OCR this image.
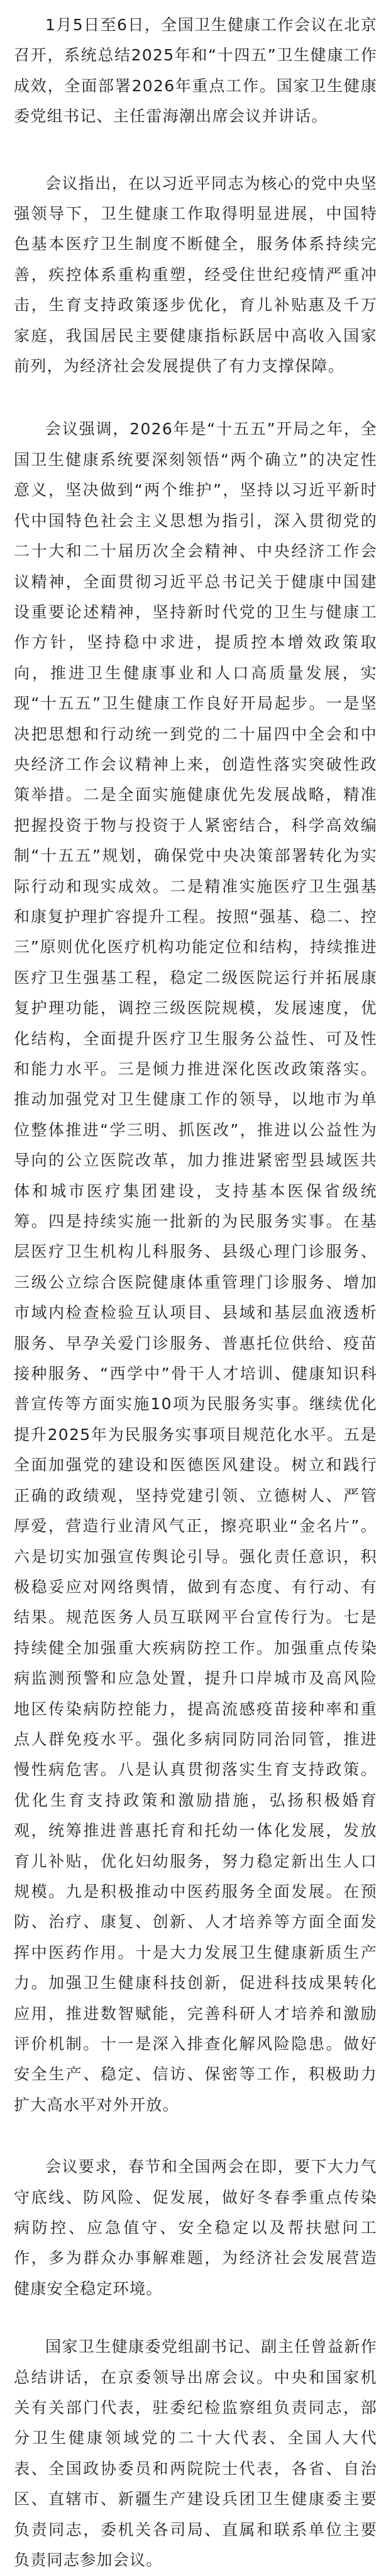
1月5日至6日，全国卫生健康工作会议在北京召开，系统总结2025年和“十四五”卫生健康工作成效，全面部署2026年重点工作。国家卫生健康委党组书记、主任雷海潮出席会议并讲话。

会议指出，在以习近平同志为核心的党中央坚强领导下，卫生健康工作取得明显进展，中国特色基本医疗卫生制度不断健全，服务体系持续完善，疾控体系重构重塑，经受住世纪疫情严重冲击，生育支持政策逐步优化，育儿补贴惠及千万家庭，我国居民主要健康指标跃居中高收入国家前列，为经济社会发展提供了有力支撑保障。

会议强调，2026年是“十五五”开局之年，全国卫生健康系统要深刻领悟“两个确立”的决定性意义，坚决做到“两个维护”，坚持以习近平新时代中国特色社会主义思想为指引，深入贯彻党的二十大和二十届历次全会精神、中央经济工作会议精神，全面贯彻习近平总书记关于健康中国建设重要论述精神，坚持新时代党的卫生与健康工作方针，坚持稳中求进，提质控本增效政策取向，推进卫生健康事业和人口高质量发展，实现“十五五”卫生健康工作良好开局起步。一是坚决把思想和行动统一到党的二十届四中全会和中央经济工作会议精神上来，创造性落实突破性政策举措。二是全面实施健康优先发展战略，精准把握投资于物与投资于人紧密结合，科学高效编制“十五五”规划，确保党中央决策部署转化为实际行动和现实成效。二是精准实施医疗卫生强基和康复护理扩容提升工程。按照“强基、稳二、控三”原则优化医疗机构功能定位和结构，持续推进医疗卫生强基工程，稳定二级医院运行并拓展康复护理功能，调控三级医院规模，发展速度，优化结构，全面提升医疗卫生服务公益性、可及性和能力水平。三是倾力推进深化医改政策落实。推动加强党对卫生健康工作的领导，以地市为单位整体推进“学三明、抓医改”，推进以公益性为导向的公立医院改革，加力推进紧密型县域医共体和城市医疗集团建设，支持基本医保省级统筹。四是持续实施一批新的为民服务实事。在基层医疗卫生机构儿科服务、县级心理门诊服务、三级公立综合医院健康体重管理门诊服务、增加市域内检查检验互认项目、县域和基层血液透析服务、早孕关爱门诊服务、普惠托位供给、疫苗接种服务、“西学中”骨干人才培训、健康知识科普宣传等方面实施10项为民服务实事。继续优化提升2025年为民服务实事项目规范化水平。五是全面加强党的建设和医德医风建设。树立和践行正确的政绩观，坚持党建引领、立德树人、严管厚爱，营造行业清风气正，擦亮职业“金名片”。六是切实加强宣传舆论引导。强化责任意识，积极稳妥应对网络舆情，做到有态度、有行动、有结果。规范医务人员互联网平台宣传行为。七是持续健全加强重大疾病防控工作。加强重点传染病监测预警和应急处置，提升口岸城市及高风险地区传染病防控能力，提高流感疫苗接种率和重点人群免疫水平。强化多病同防同治同管，推进慢性病危害。八是认真贯彻落实生育支持政策。优化生育支持政策和激励措施，弘扬积极婚育观，统筹推进普惠托育和托幼一体化发展，发放育儿补贴，优化妇幼服务，努力稳定新出生人口规模。九是积极推动中医药服务全面发展。在预防、治疗、康复、创新、人才培养等方面全面发挥中医药作用。十是大力发展卫生健康新质生产力。加强卫生健康科技创新，促进科技成果转化应用，推进数智赋能，完善科研人才培养和激励评价机制。十一是深入排查化解风险隐患。做好安全生产、稳定、信访、保密等工作，积极助力扩大高水平对外开放。

会议要求，春节和全国两会在即，要下大力气守底线、防风险、促发展，做好冬春季重点传染病防控、应急值守、安全稳定以及帮扶慰问工作，多为群众办事解难题，为经济社会发展营造健康安全稳定环境。

国家卫生健康委党组副书记、副主任曾益新作总结讲话，在京委领导出席会议。中央和国家机关有关部门代表，驻委纪检监察组负责同志，部分卫生健康领域党的二十大代表、全国人大代表、全国政协委员和两院院士代表，各省、自治区、直辖市、新疆生产建设兵团卫生健康委主要负责同志，委机关各司局、直属和联系单位主要负责同志参加会议。
